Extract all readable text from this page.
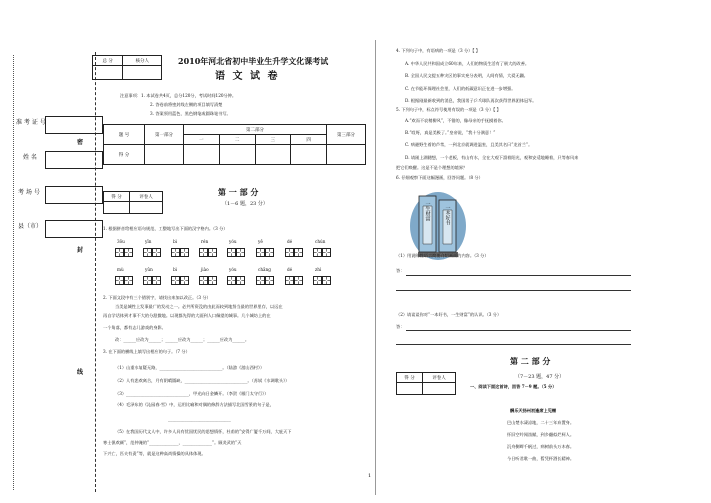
准 考 证 号
姓 名
考 场 号
县（市）
密
封
线
总 分	核分人
		2010年河北省初中毕业生升学文化课考试
语 文 试 卷
注意事项：1. 本试卷共4页，总分120分，考试时间120分钟。
2. 答卷前将密封线左侧的项目填写清楚
3. 答案须用蓝色、黑色钢笔或圆珠笔书写。
题 号	第一部分	第二部分				第三部分
		一	二	三	四	
得 分						
得 分	评卷人
		第 一 部 分
（1－6 题，23 分）
1. 根据拼音给相应语句规范、工整地写出下面的汉字格内。（3 分）
3ōu	yīn	bì	rén	yóu	yě	dé	chún
mù	yǔn	bì	jiào	yóu	chǎng	dé	zhì
2. 下面文段中有三个错别字，请找出来加以改正。（3 分）
当美是城性上发事最广的发动之一。必共所资没的由此而较到地努当最的世界里存，以远在
再自学话体到才事不大的分派微地。以现都先得的大面到人口佩望的城事。几个城坊上的在
一个角落，都有志儿游戏的身影。
改：______应改为______；______应改为______；______应改为______。
3. 在下面的横线上填写出相应的句子。（7 分）
（1）山重水复疑无路，______________________________。（陆游《游山西村》）
（2）人有悲欢离合，月有阴晴圆缺，______________________________。（苏轼《水调歌头》）
（3）______________________________，甲光向日金鳞开。（李贺《雁门太守行》）
（4）毛泽东的《沁园春·雪》中，运用比喻和对偶的修辞方法描写北国雪景的句子是，
______________________________
（5）在我国历代文人中，许多人具有忧国忧民的思想情怀，杜甫的“安得广厦千万间，大庇天下
寒士俱欢颜”，范仲淹的“______________，______________”。顾炎武的“天
下兴亡，匹夫有责”等，就是这种高尚情操的具体体现。
4. 下列句子中，有语病的一项是（3 分）【 】
A. 中华人民共和国成立60年来，人们的物质生活有了极大的改善。
B. 全国人民文提五种灾区的事实充分表明，人间有情，大爱无疆。
C. 在节能环保理社会里，人们的低碳意识正在进一步增强。
D. 根据刚最新收到的消息，我国男子乒乓球队再次获得世界团体冠军。
5. 下列句子中，标点符号使用有误的一项是（3 分）【 】
A.“欢而不哀稍柳风”，不错的，像母亲的手抚摸着你。
B.“哎呀，真是美极了。”皇帝说，“我十分满意！”
C. 病避野生着的芦苇，一到北京就调进温室，且美其名曰“龙首兰”。
D. 请刚上湖随想，一个老板，有山有水，全在大观下溜着阳光，观和安适地睡着，只等春风来
把它们唤醒。这是不是个理想的境界？
6. 仔细观察下面这幅漫画，回答问题。（8 分）
一生财富	一本好书
（1）用说明性语言简要介绍画面的内容。（3 分）
答：
（2）请谈谈你对“一本好书，一生财富”的认识。（3 分）
答：
第 二 部 分
得 分	评卷人
		（7－23 题，47 分）
一、阅读下面这首诗，回答 7－9 题。（5 分）
酬乐天扬州初逢席上见赠
巴山楚水凄凉地，二十三年弃置身。
怀旧空吟闻笛赋，到乡翻似烂柯人。
沉舟侧畔千帆过，病树前头万木春。
今日听君歌一曲，暂凭杯酒长精神。
1
